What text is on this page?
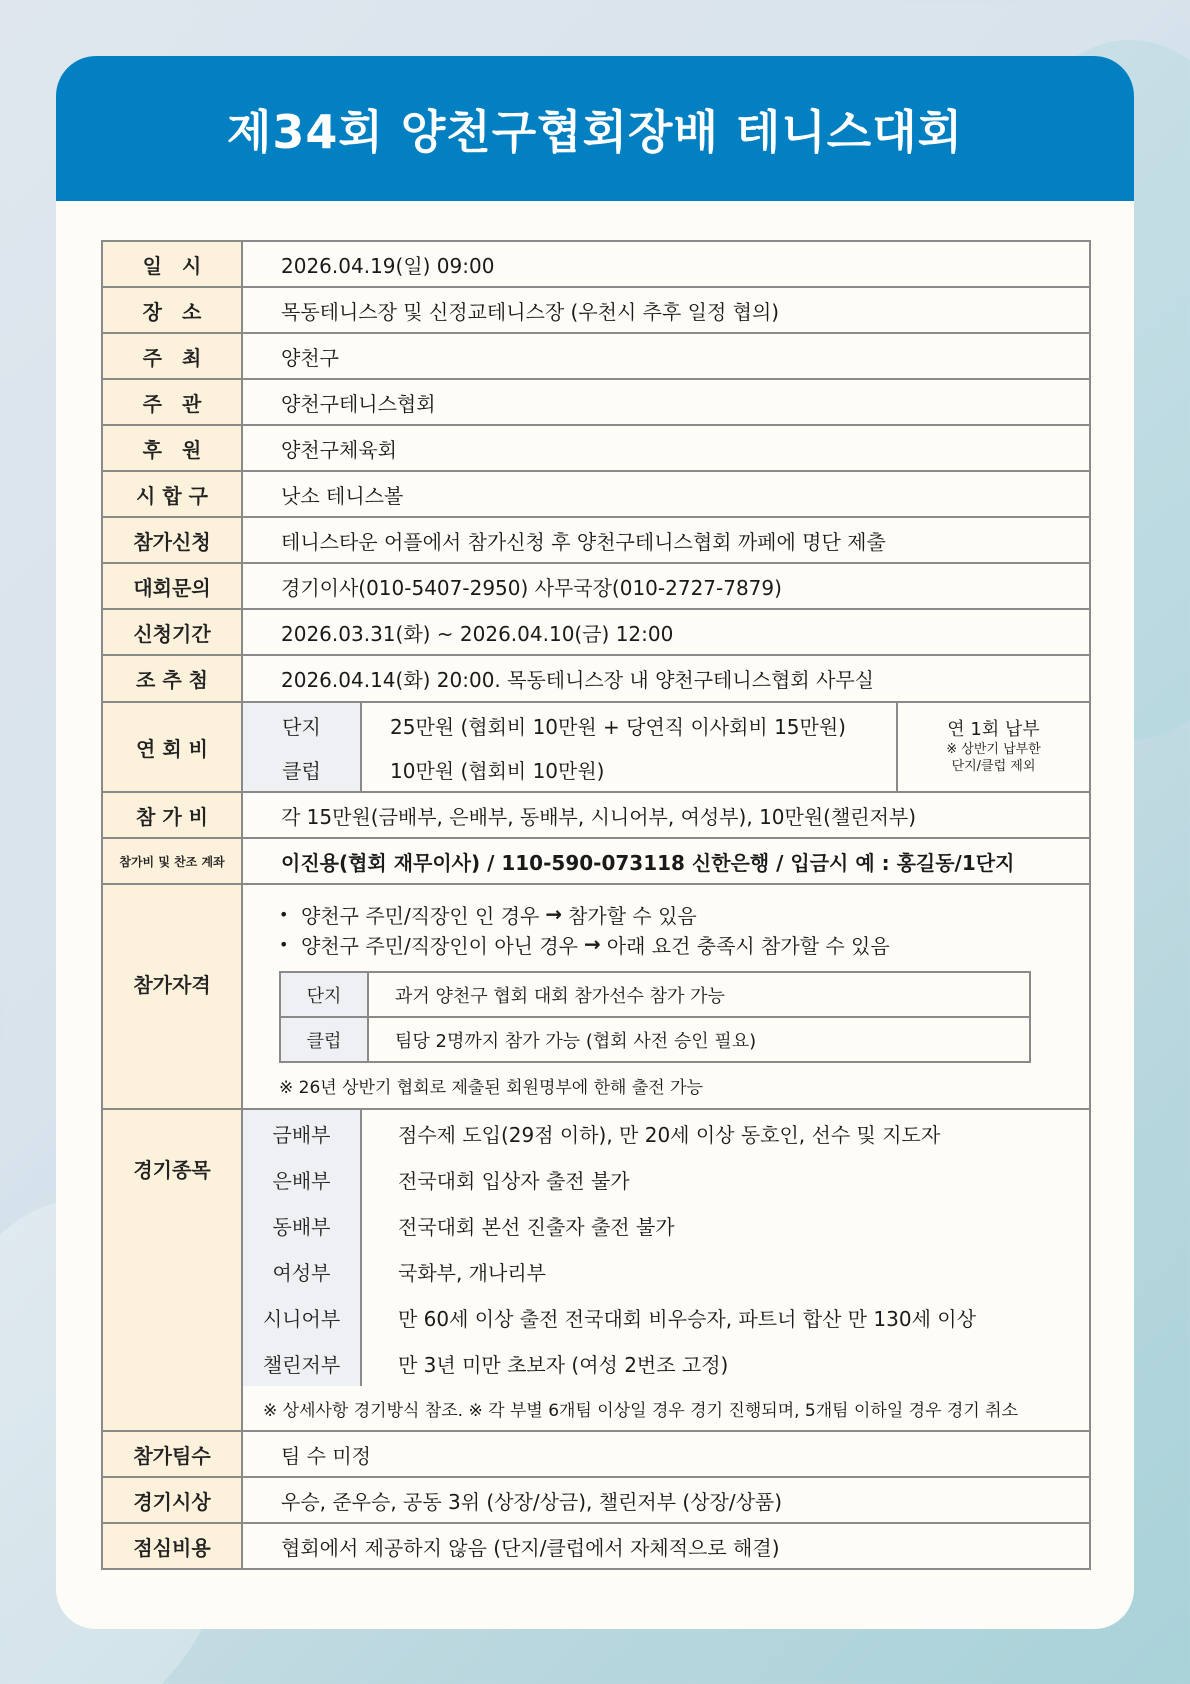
제34회 양천구협회장배 테니스대회
일　시	2026.04.19(일) 09:00
장　소	목동테니스장 및 신정교테니스장 (우천시 추후 일정 협의)
주　최	양천구
주　관	양천구테니스협회
후　원	양천구체육회
시 합 구	낫소 테니스볼
참가신청	테니스타운 어플에서 참가신청 후 양천구테니스협회 까페에 명단 제출
대회문의	경기이사(010-5407-2950) 사무국장(010-2727-7879)
신청기간	2026.03.31(화) ~ 2026.04.10(금) 12:00
조 추 첨	2026.04.14(화) 20:00. 목동테니스장 내 양천구테니스협회 사무실
연 회 비	
단지	25만원 (협회비 10만원 + 당연직 이사회비 15만원)	연 1회 납부
※ 상반기 납부한
단지/클럽 제외

클럽	10만원 (협회비 10만원)

참 가 비	각 15만원(금배부, 은배부, 동배부, 시니어부, 여성부), 10만원(챌린저부)
참가비 및 찬조 계좌	이진용(협회 재무이사) / 110-590-073118 신한은행 / 입금시 예 : 홍길동/1단지
참가자격	
• 양천구 주민/직장인 인 경우 → 참가할 수 있음
• 양천구 주민/직장인이 아닌 경우 → 아래 요건 충족시 참가할 수 있음
단지	과거 양천구 협회 대회 참가선수 참가 가능
클럽	팀당 2명까지 참가 가능 (협회 사전 승인 필요)
※ 26년 상반기 협회로 제출된 회원명부에 한해 출전 가능

경기종목	
금배부	점수제 도입(29점 이하), 만 20세 이상 동호인, 선수 및 지도자
은배부	전국대회 입상자 출전 불가
동배부	전국대회 본선 진출자 출전 불가
여성부	국화부, 개나리부
시니어부	만 60세 이상 출전 전국대회 비우승자, 파트너 합산 만 130세 이상
챌린저부	만 3년 미만 초보자 (여성 2번조 고정)
※ 상세사항 경기방식 참조. ※ 각 부별 6개팀 이상일 경우 경기 진행되며, 5개팀 이하일 경우 경기 취소

참가팀수	팀 수 미정
경기시상	우승, 준우승, 공동 3위 (상장/상금), 챌린저부 (상장/상품)
점심비용	협회에서 제공하지 않음 (단지/클럽에서 자체적으로 해결)
